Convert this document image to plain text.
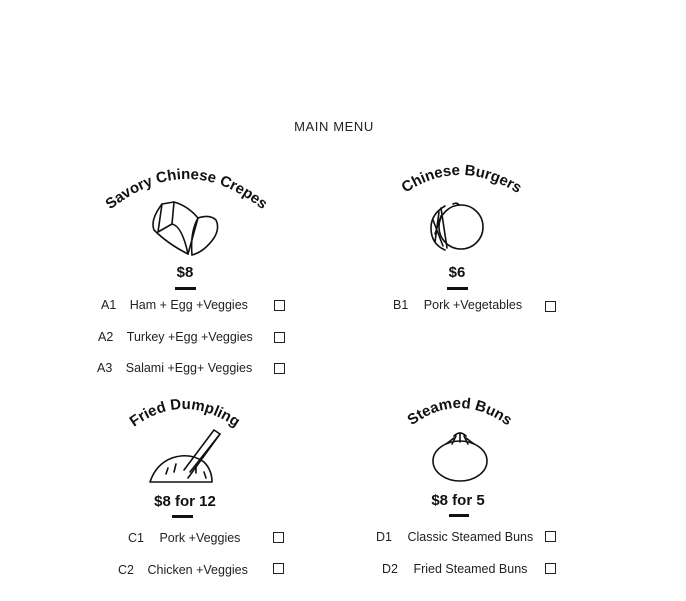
MAIN MENU
Savory Chinese Crepes
$8
A1 Ham + Egg +Veggies
A2 Turkey +Egg +Veggies
A3 Salami +Egg+ Veggies
Chinese Burgers
$6
B1 Pork +Vegetables
Fried Dumpling
$8 for 12
C1 Pork +Veggies
C2 Chicken +Veggies
Steamed Buns
$8 for 5
D1 Classic Steamed Buns
D2 Fried Steamed Buns
